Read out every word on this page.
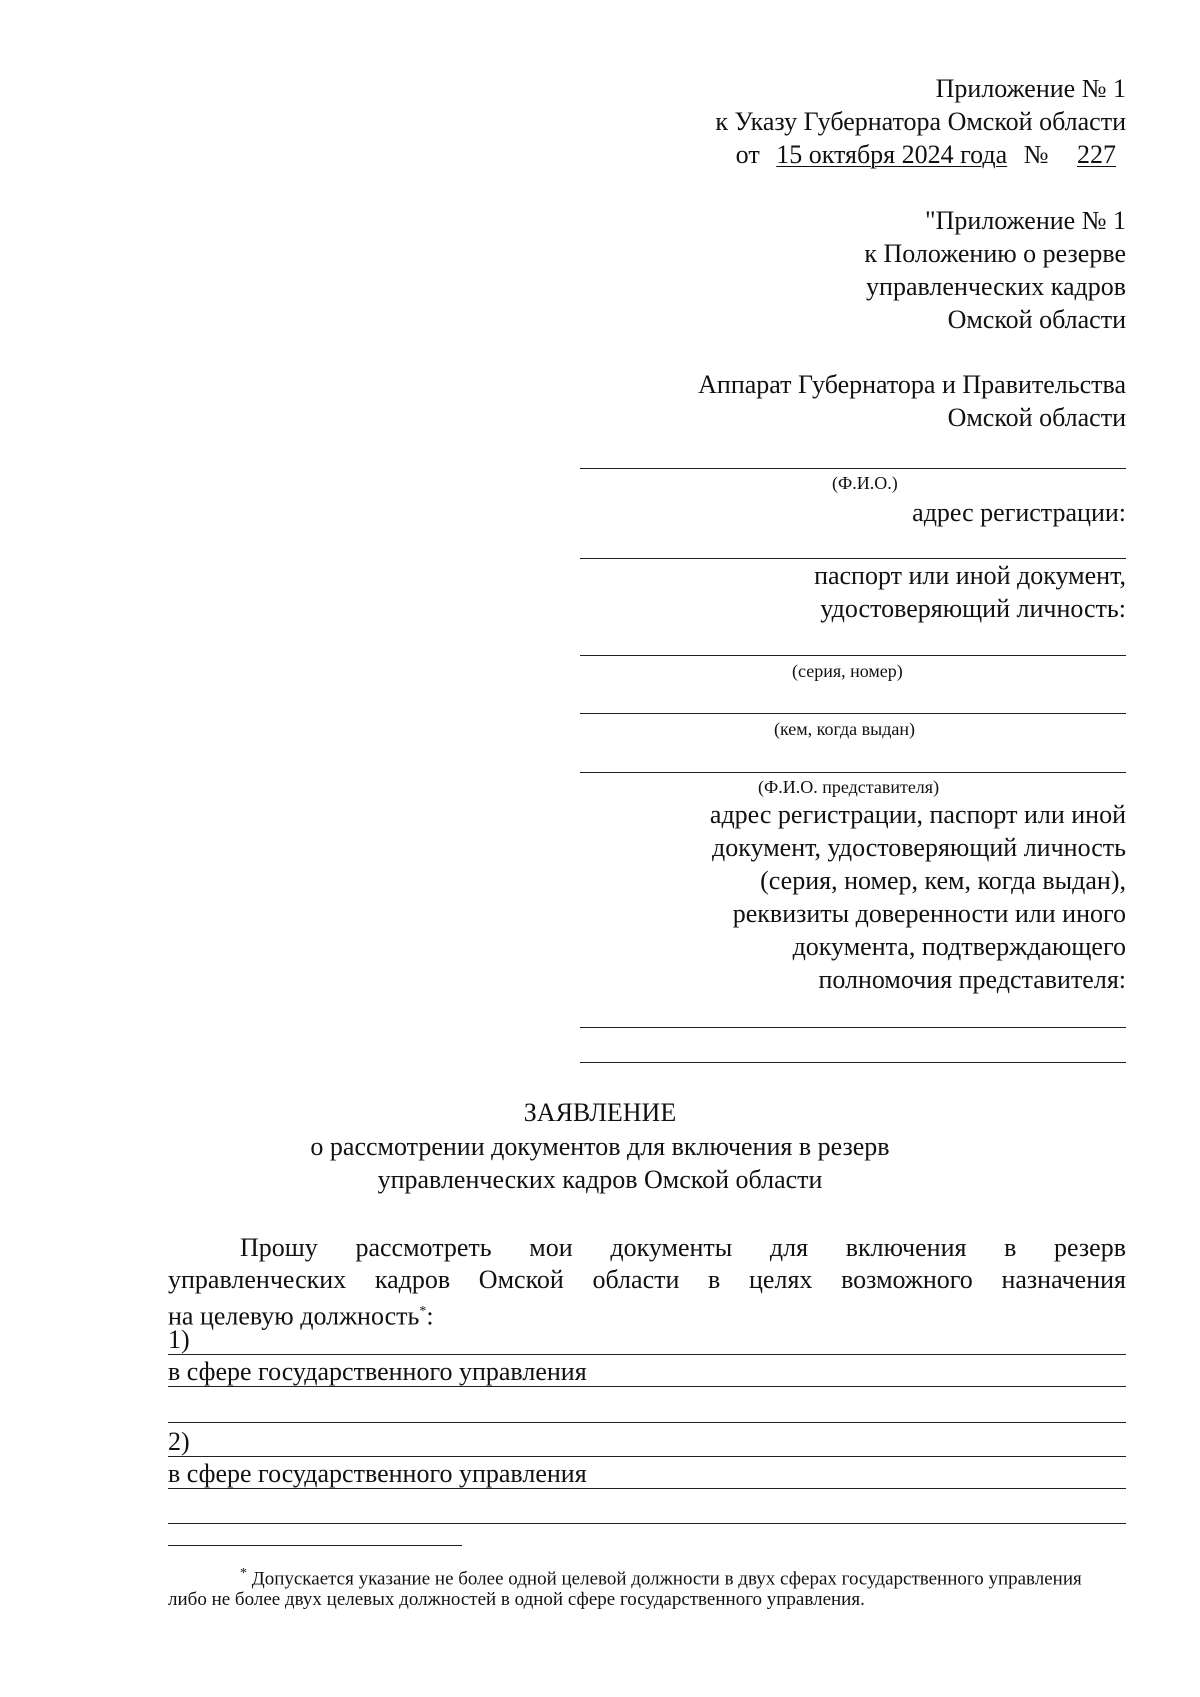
Приложение № 1
к Указу Губернатора Омской области
от 15 октября 2024 года № 227
"Приложение № 1
к Положению о резерве
управленческих кадров
Омской области
Аппарат Губернатора и Правительства
Омской области
(Ф.И.О.)
адрес регистрации:
паспорт или иной документ,
удостоверяющий личность:
(серия, номер)
(кем, когда выдан)
(Ф.И.О. представителя)
адрес регистрации, паспорт или иной
документ, удостоверяющий личность
(серия, номер, кем, когда выдан),
реквизиты доверенности или иного
документа, подтверждающего
полномочия представителя:
ЗАЯВЛЕНИЕ
о рассмотрении документов для включения в резерв
управленческих кадров Омской области
Прошу рассмотреть мои документы для включения в резерв
управленческих кадров Омской области в целях возможного назначения
на целевую должность*:
1)
в сфере государственного управления
2)
в сфере государственного управления
* Допускается указание не более одной целевой должности в двух сферах государственного управления
либо не более двух целевых должностей в одной сфере государственного управления.
